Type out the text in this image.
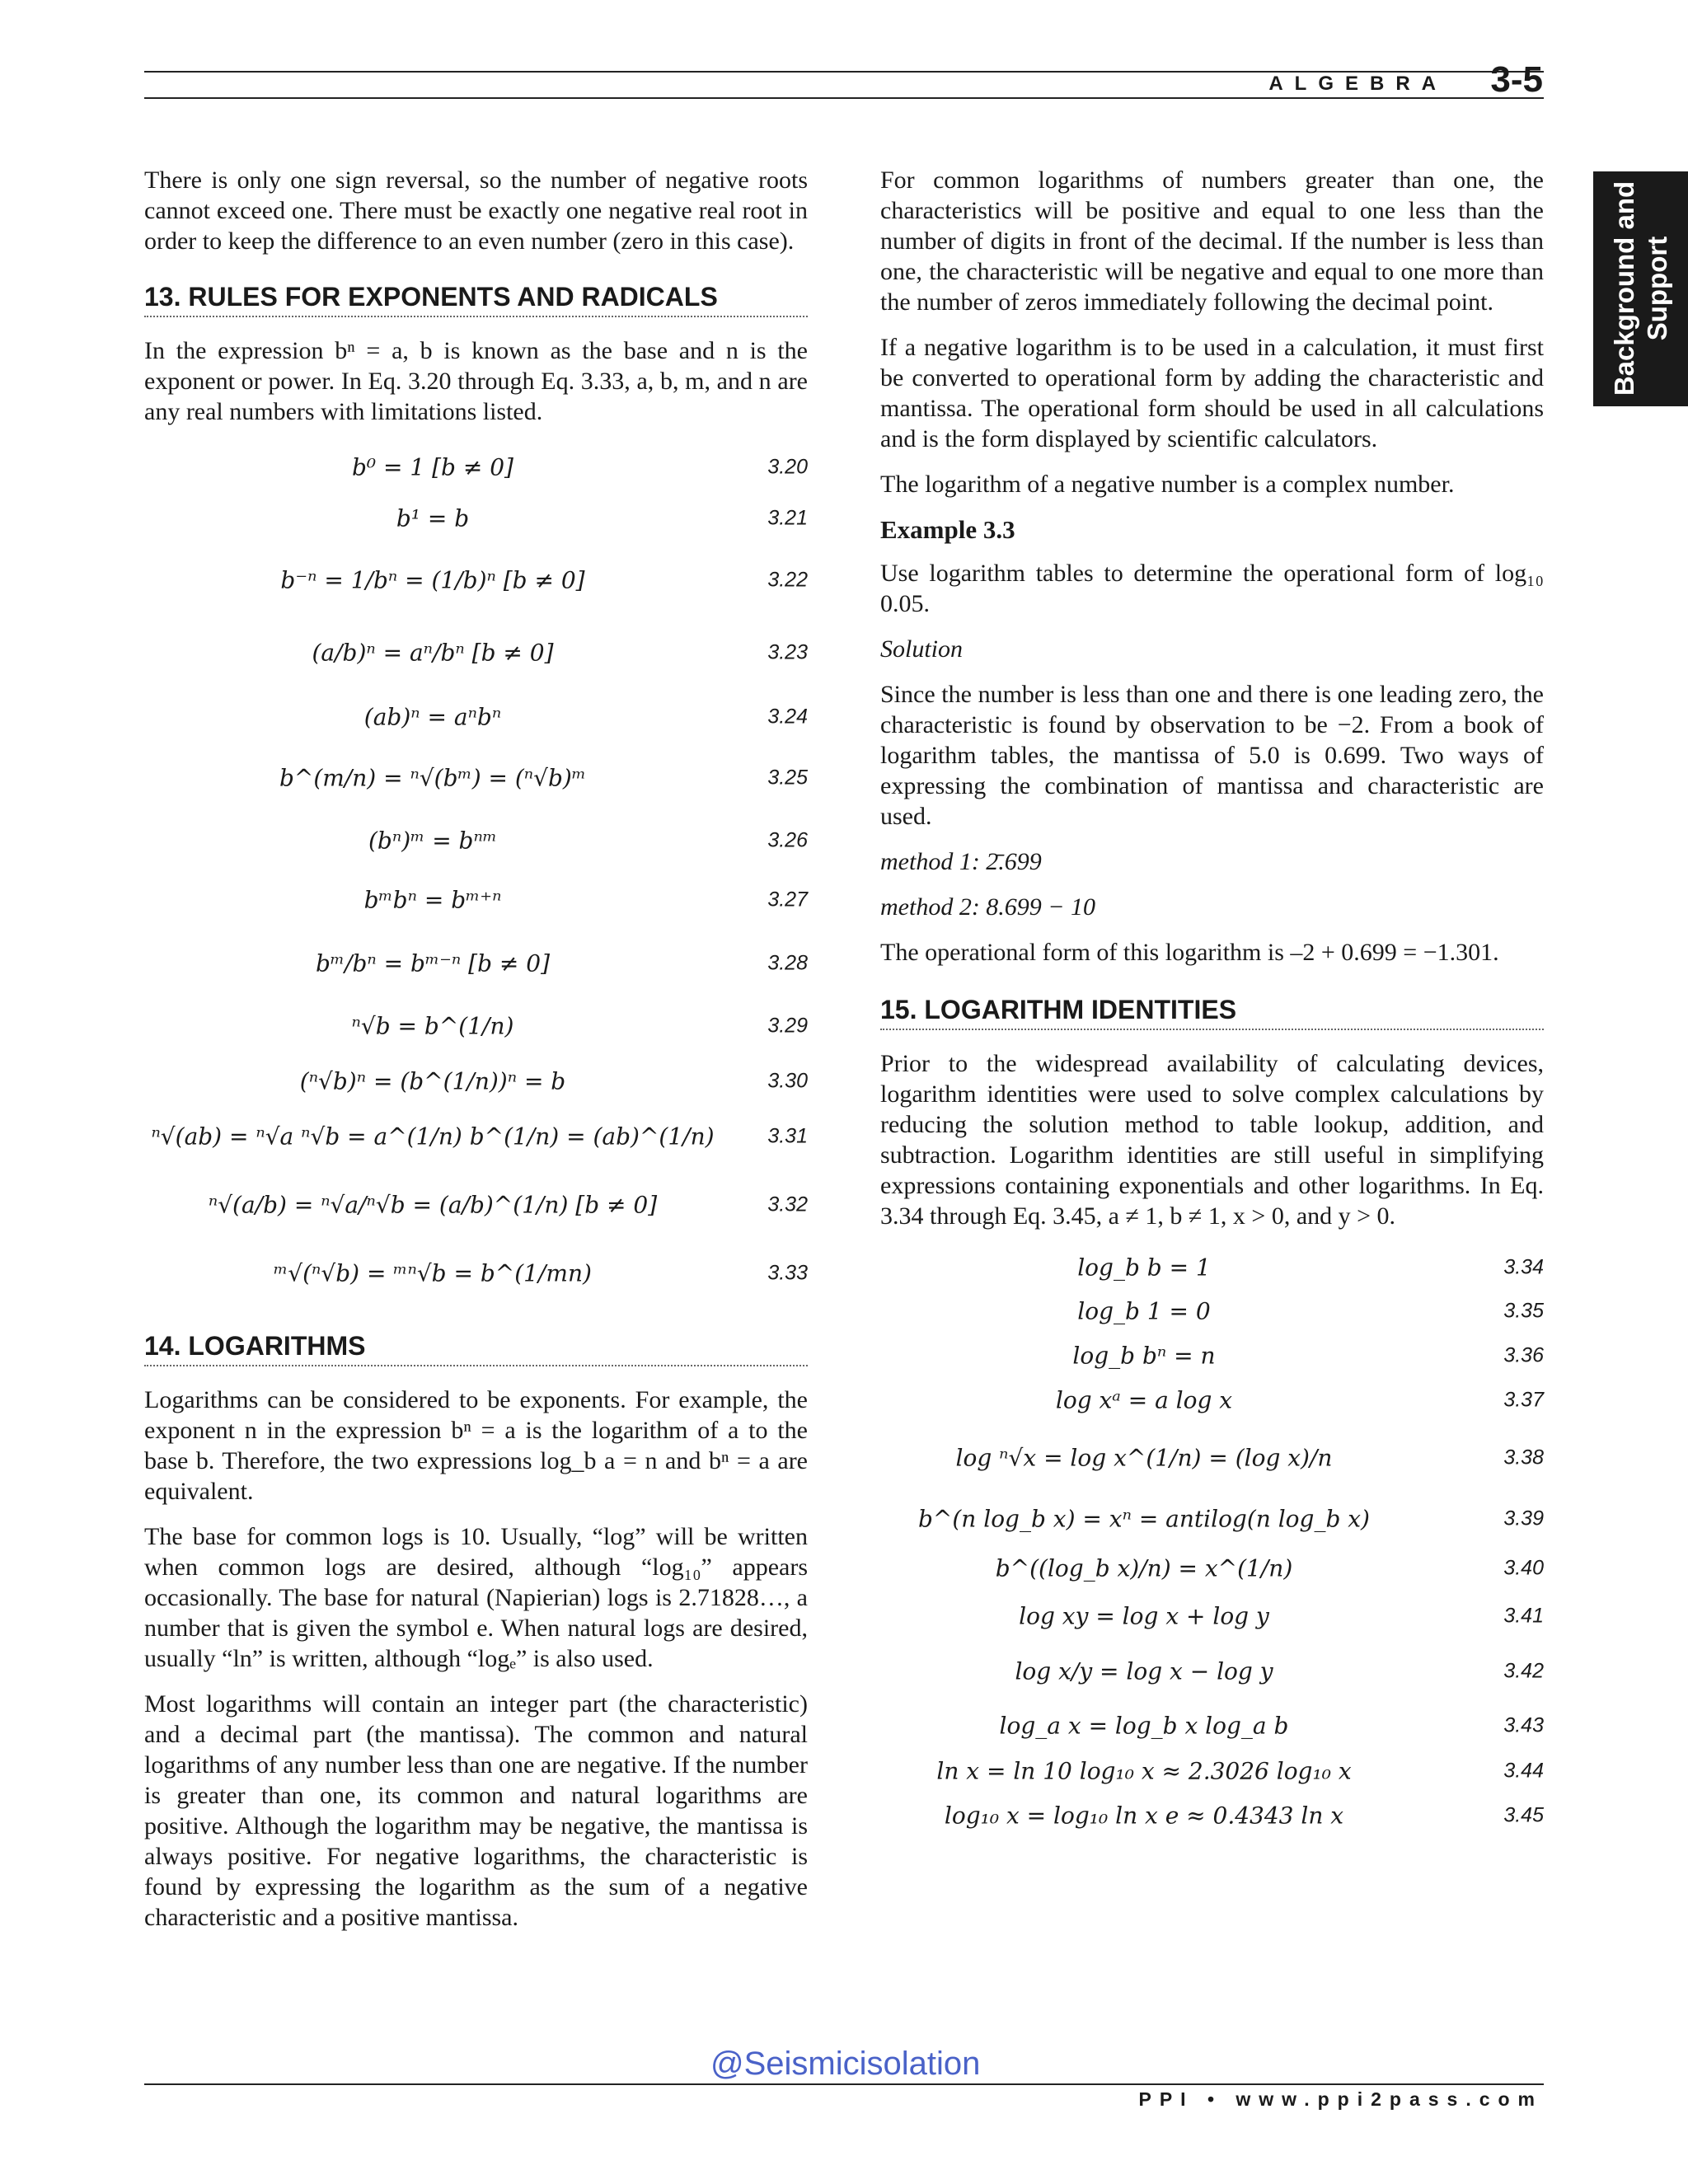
ALGEBRA 3-5
Background and Support

There is only one sign reversal, so the number of negative roots cannot exceed one. There must be exactly one negative real root in order to keep the difference to an even number (zero in this case).

13. RULES FOR EXPONENTS AND RADICALS

In the expression bⁿ = a, b is known as the base and n is the exponent or power. In Eq. 3.20 through Eq. 3.33, a, b, m, and n are any real numbers with limitations listed.

b⁰ = 1 [b ≠ 0]	3.20
b¹ = b	3.21
b⁻ⁿ = 1/bⁿ = (1/b)ⁿ [b ≠ 0]	3.22
(a/b)ⁿ = aⁿ/bⁿ [b ≠ 0]	3.23
(ab)ⁿ = aⁿbⁿ	3.24
b^(m/n) = ⁿ√(bᵐ) = (ⁿ√b)ᵐ	3.25
(bⁿ)ᵐ = bⁿᵐ	3.26
bᵐbⁿ = bᵐ⁺ⁿ	3.27
bᵐ/bⁿ = bᵐ⁻ⁿ [b ≠ 0]	3.28
ⁿ√b = b^(1/n)	3.29
(ⁿ√b)ⁿ = (b^(1/n))ⁿ = b	3.30
ⁿ√(ab) = ⁿ√a ⁿ√b = a^(1/n) b^(1/n) = (ab)^(1/n)	3.31
ⁿ√(a/b) = ⁿ√a/ⁿ√b = (a/b)^(1/n) [b ≠ 0]	3.32
ᵐ√(ⁿ√b) = ᵐⁿ√b = b^(1/mn)	3.33
14. LOGARITHMS

Logarithms can be considered to be exponents. For example, the exponent n in the expression bⁿ = a is the logarithm of a to the base b. Therefore, the two expressions log_b a = n and bⁿ = a are equivalent.

The base for common logs is 10. Usually, “log” will be written when common logs are desired, although “log₁₀” appears occasionally. The base for natural (Napierian) logs is 2.71828…, a number that is given the symbol e. When natural logs are desired, usually “ln” is written, although “logₑ” is also used.

Most logarithms will contain an integer part (the characteristic) and a decimal part (the mantissa). The common and natural logarithms of any number less than one are negative. If the number is greater than one, its common and natural logarithms are positive. Although the logarithm may be negative, the mantissa is always positive. For negative logarithms, the characteristic is found by expressing the logarithm as the sum of a negative characteristic and a positive mantissa.

For common logarithms of numbers greater than one, the characteristics will be positive and equal to one less than the number of digits in front of the decimal. If the number is less than one, the characteristic will be negative and equal to one more than the number of zeros immediately following the decimal point.

If a negative logarithm is to be used in a calculation, it must first be converted to operational form by adding the characteristic and mantissa. The operational form should be used in all calculations and is the form displayed by scientific calculators.

The logarithm of a negative number is a complex number.

Example 3.3

Use logarithm tables to determine the operational form of log₁₀ 0.05.

Solution

Since the number is less than one and there is one leading zero, the characteristic is found by observation to be −2. From a book of logarithm tables, the mantissa of 5.0 is 0.699. Two ways of expressing the combination of mantissa and characteristic are used.

method 1: 2̄.699

method 2: 8.699 − 10

The operational form of this logarithm is –2 + 0.699 = −1.301.

15. LOGARITHM IDENTITIES

Prior to the widespread availability of calculating devices, logarithm identities were used to solve complex calculations by reducing the solution method to table lookup, addition, and subtraction. Logarithm identities are still useful in simplifying expressions containing exponentials and other logarithms. In Eq. 3.34 through Eq. 3.45, a ≠ 1, b ≠ 1, x > 0, and y > 0.

log_b b = 1	3.34
log_b 1 = 0	3.35
log_b bⁿ = n	3.36
log xᵃ = a log x	3.37
log ⁿ√x = log x^(1/n) = (log x)/n	3.38
b^(n log_b x) = xⁿ = antilog(n log_b x)	3.39
b^((log_b x)/n) = x^(1/n)	3.40
log xy = log x + log y	3.41
log x/y = log x − log y	3.42
log_a x = log_b x log_a b	3.43
ln x = ln 10 log₁₀ x ≈ 2.3026 log₁₀ x	3.44
log₁₀ x = log₁₀ ln x e ≈ 0.4343 ln x	3.45
@Seismicisolation
PPI • www.ppi2pass.com
